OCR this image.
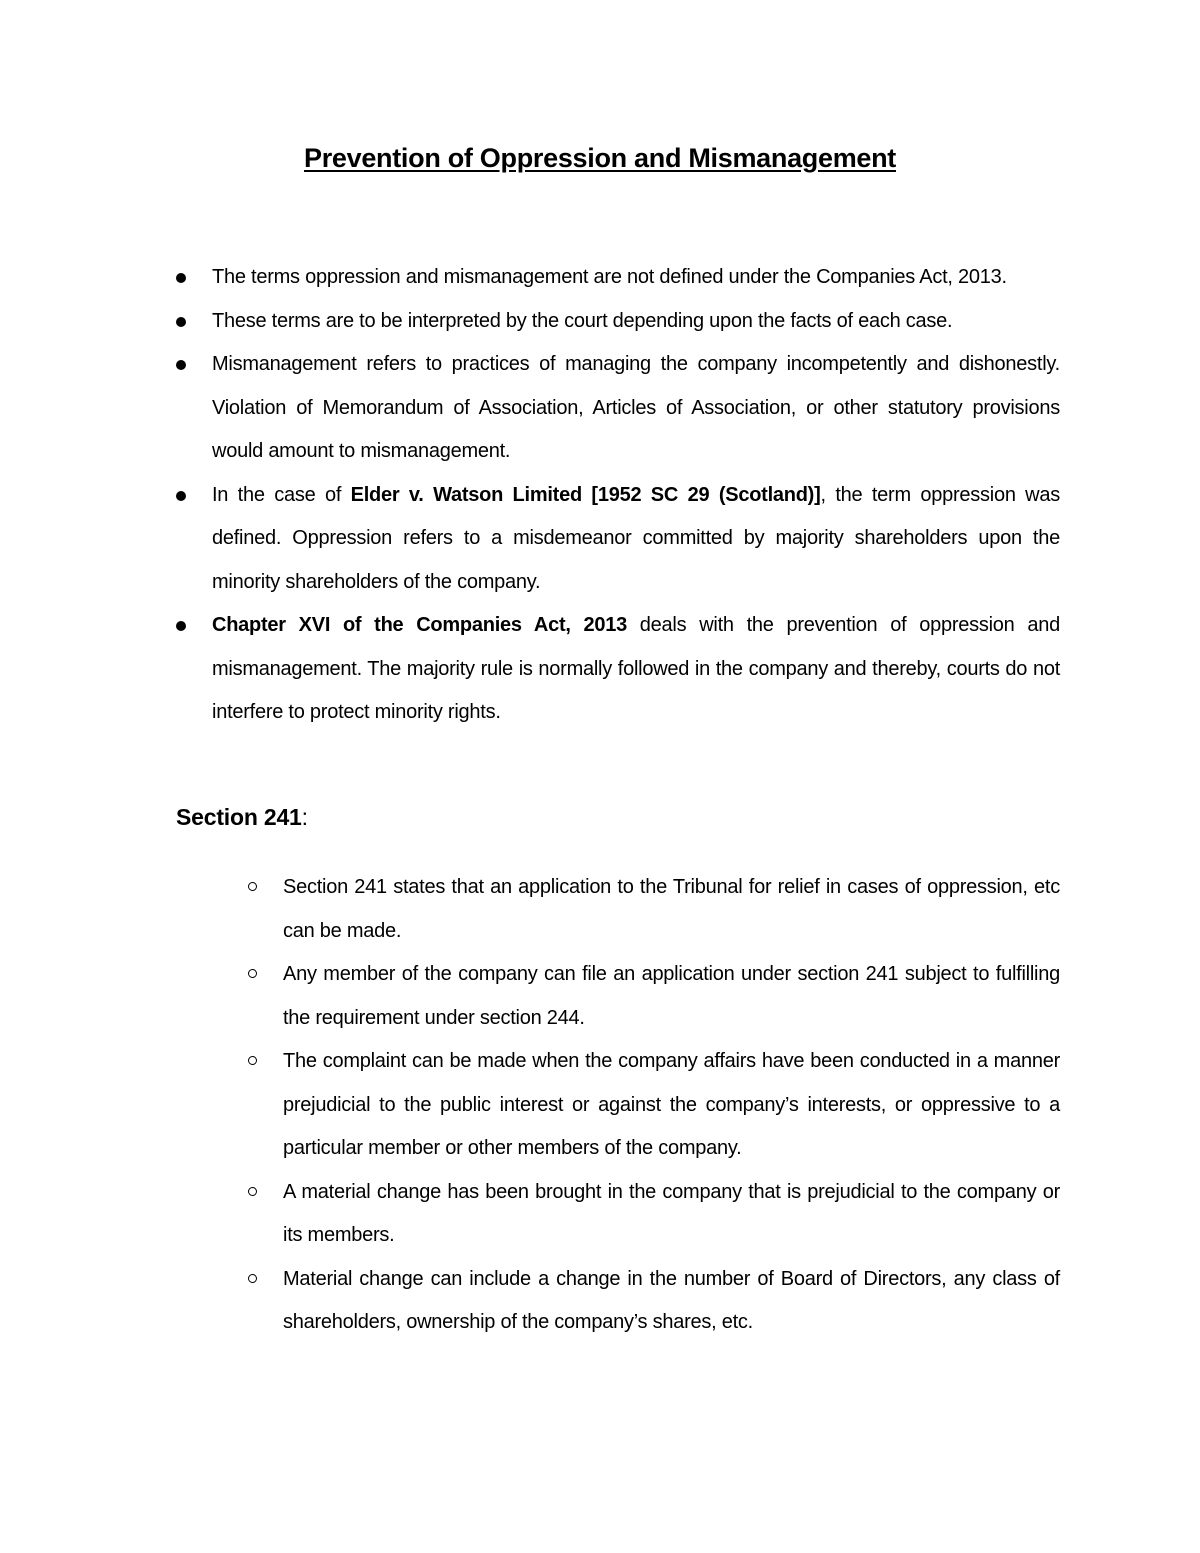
Prevention of Oppression and Mismanagement
The terms oppression and mismanagement are not defined under the Companies Act, 2013.
These terms are to be interpreted by the court depending upon the facts of each case.
Mismanagement refers to practices of managing the company incompetently and dishonestly. Violation of Memorandum of Association, Articles of Association, or other statutory provisions would amount to mismanagement.
In the case of Elder v. Watson Limited [1952 SC 29 (Scotland)], the term oppression was defined. Oppression refers to a misdemeanor committed by majority shareholders upon the minority shareholders of the company.
Chapter XVI of the Companies Act, 2013 deals with the prevention of oppression and mismanagement. The majority rule is normally followed in the company and thereby, courts do not interfere to protect minority rights.
Section 241:
Section 241 states that an application to the Tribunal for relief in cases of oppression, etc can be made.
Any member of the company can file an application under section 241 subject to fulfilling the requirement under section 244.
The complaint can be made when the company affairs have been conducted in a manner prejudicial to the public interest or against the company’s interests, or oppressive to a particular member or other members of the company.
A material change has been brought in the company that is prejudicial to the company or its members.
Material change can include a change in the number of Board of Directors, any class of shareholders, ownership of the company’s shares, etc.
